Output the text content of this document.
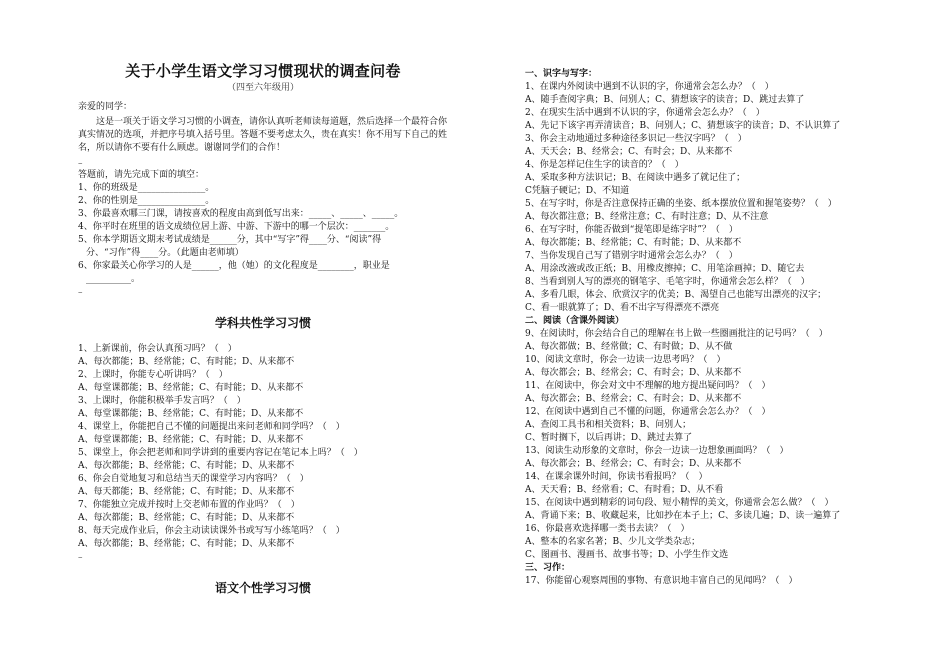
关于小学生语文学习习惯现状的调查问卷
（四至六年级用）
亲爱的同学：
这是一项关于语文学习习惯的小调查，请你认真听老师读每道题，然后选择一个最符合你真实情况的选项，并把序号填入括号里。答题不要考虑太久，贵在真实！你不用写下自己的姓名，所以请你不要有什么顾虑。谢谢同学们的合作！
–
答题前，请先完成下面的填空：
1、你的班级是_______________。
2、你的性别是_______________。
3、你最喜欢哪三门课，请按喜欢的程度由高到低写出来：_____、_____、_____。
4、你平时在班里的语文成绩位居上游、中游、下游中的哪一个层次：_______。
5、你本学期语文期末考试成绩是______分，其中“写字”得____分、“阅读”得
分、“习作”得____分。（此题由老师填）
6、你家最关心你学习的人是______，他（她）的文化程度是________，职业是
__________。
–
学科共性学习习惯
1、上新课前，你会认真预习吗？（　）
A、每次都能；B、经常能；C、有时能；D、从来都不
2、上课时，你能专心听讲吗？（　）
A、每堂课都能；B、经常能；C、有时能；D、从来都不
3、上课时，你能积极举手发言吗？（　）
A、每堂课都能；B、经常能；C、有时能；D、从来都不
4、课堂上，你能把自己不懂的问题提出来问老师和同学吗？（　）
A、每堂课都能；B、经常能；C、有时能；D、从来都不
5、课堂上，你会把老师和同学讲到的重要内容记在笔记本上吗？（　）
A、每次都能；B、经常能；C、有时能；D、从来都不
6、你会自觉地复习和总结当天的课堂学习内容吗？（　）
A、每天都能；B、经常能；C、有时能；D、从来都不
7、你能独立完成并按时上交老师布置的作业吗？（　）
A、每次都能；B、经常能；C、有时能；D、从来都不
8、每天完成作业后，你会主动读读课外书或写写小练笔吗？（　）
A、每次都能；B、经常能；C、有时能；D、从来都不
–
语文个性学习习惯
一、识字与写字：
1、在课内外阅读中遇到不认识的字，你通常会怎么办？（　）
A、随手查阅字典；B、问别人；C、猜想该字的读音；D、跳过去算了
2、在现实生活中遇到不认识的字，你通常会怎么办？（　）
A、先记下该字再弄清读音；B、问别人；C、猜想该字的读音；D、不认识算了
3、你会主动地通过多种途径多识记一些汉字吗？（　）
A、天天会；B、经常会；C、有时会；D、从来都不
4、你是怎样记住生字的读音的？（　）
A、采取多种方法识记；B、在阅读中遇多了就记住了；
C凭脑子硬记；D、不知道
5、在写字时，你是否注意保持正确的坐姿、纸本摆放位置和握笔姿势？（　）
A、每次都注意；B、经常注意；C、有时注意；D、从不注意
6、在写字时，你能否做到“提笔即是练字时”？（　）
A、每次都能；B、经常能；C、有时能；D、从来都不
7、当你发现自己写了错别字时通常会怎么办？（　）
A、用涂改液或改正纸；B、用橡皮擦掉；C、用笔涂画掉；D、随它去
8、当看到别人写的漂亮的钢笔字、毛笔字时，你通常会怎么样？（　）
A、多看几眼，体会、欣赏汉字的优美；B、渴望自己也能写出漂亮的汉字；
C、看一眼就算了；D、看不出字写得漂亮不漂亮
二、阅读（含课外阅读）
9、在阅读时，你会结合自己的理解在书上做一些圈画批注的记号吗？（　）
A、每次都做；B、经常做；C、有时做；D、从不做
10、阅读文章时，你会一边读一边思考吗？（　）
A、每次都会；B、经常会；C、有时会；D、从来都不
11、在阅读中，你会对文中不理解的地方提出疑问吗？（　）
A、每次都会；B、经常会；C、有时会；D、从来都不
12、在阅读中遇到自己不懂的问题，你通常会怎么办？（　）
A、查阅工具书和相关资料；B、问别人；
C、暂时搁下，以后再讲；D、跳过去算了
13、阅读生动形象的文章时，你会一边读一边想象画面吗？（　）
A、每次都会；B、经常会；C、有时会；D、从来都不
14、在课余课外时间，你读书看报吗？（　）
A、天天看；B、经常看；C、有时看；D、从不看
15、在阅读中遇到精彩的词句段、短小精悍的美文，你通常会怎么做？（　）
A、背诵下来；B、收藏起来，比如抄在本子上；C、多读几遍；D、读一遍算了
16、你最喜欢选择哪一类书去读？（　）
A、整本的名家名著；B、少儿文学类杂志；
C、图画书、漫画书、故事书等；D、小学生作文选
三、习作：
17、你能留心观察周围的事物、有意识地丰富自己的见闻吗？（　）
